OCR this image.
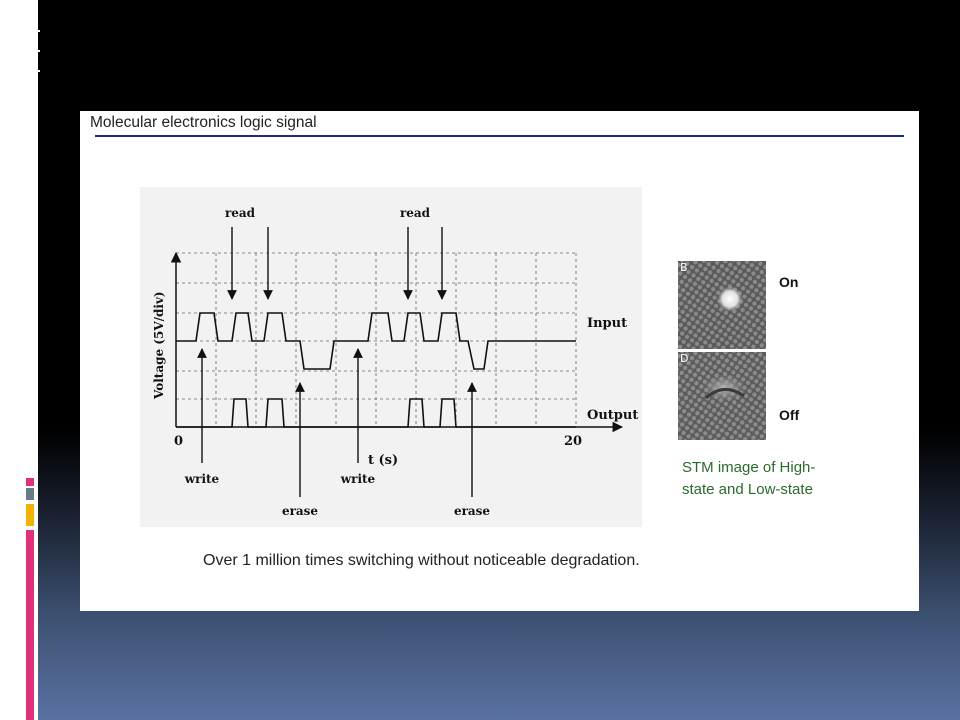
Molecular electronics logic signal
read	read
write	write
erase	erase
Voltage (5V/div)
t (s)
0	20
Input
Output
B
On
D
Off
STM image of High-state and Low-state
Over 1 million times switching without noticeable degradation.
